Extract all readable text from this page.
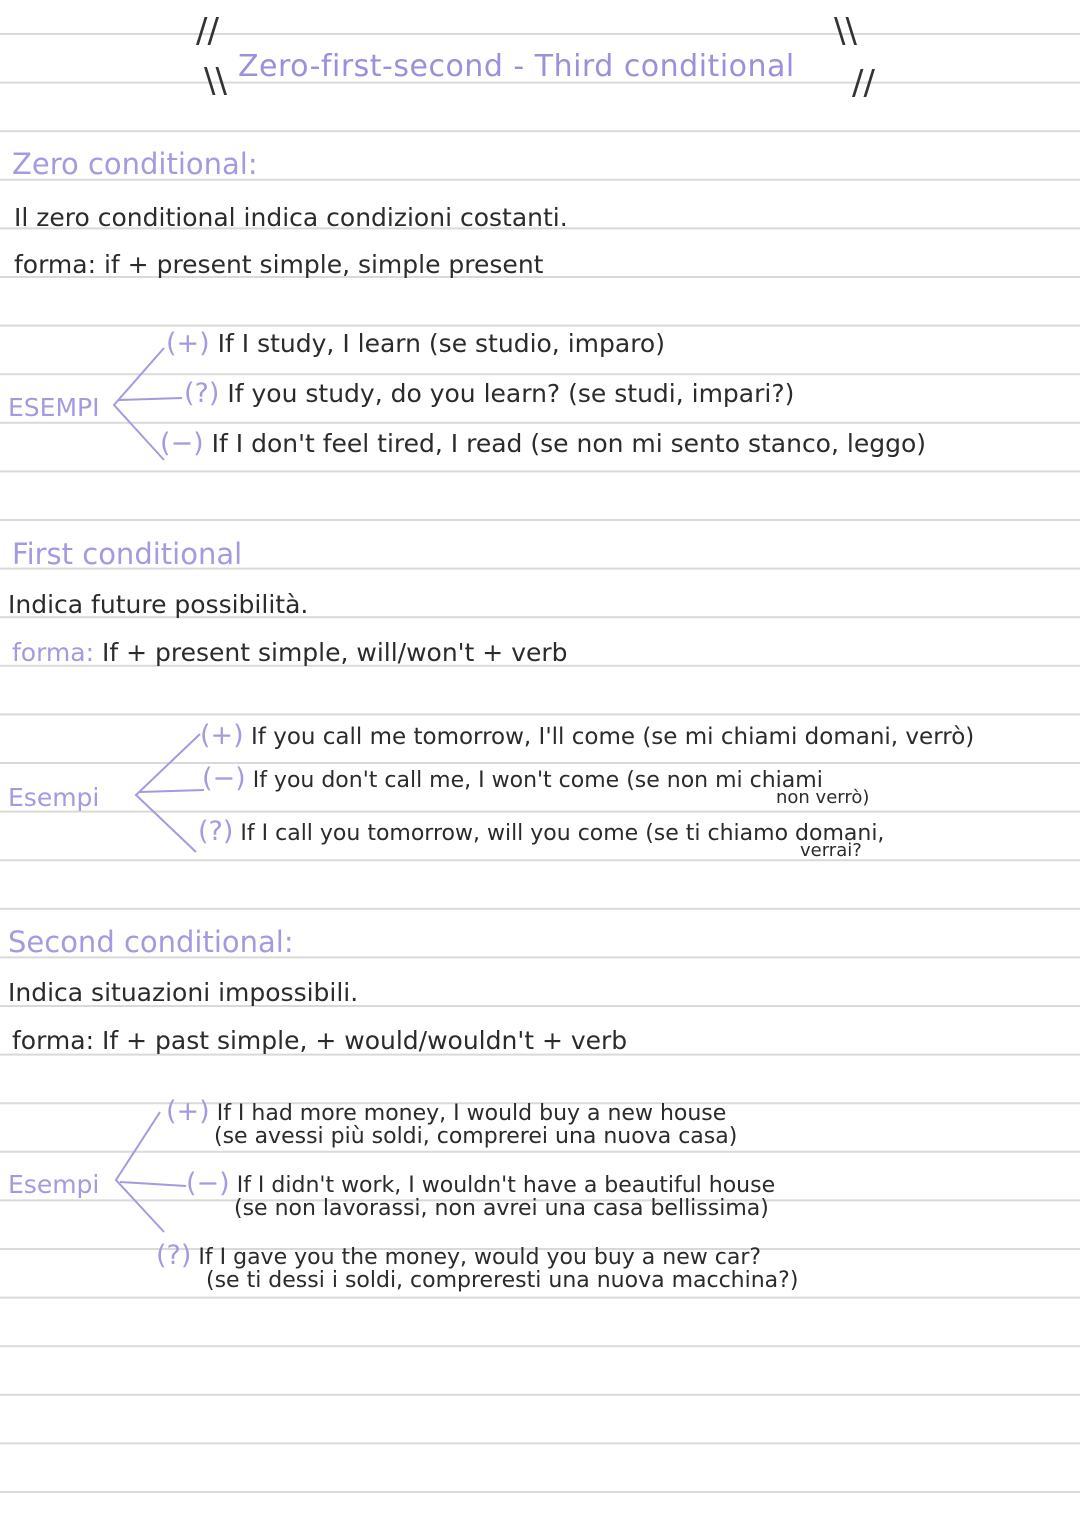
//
\\
\\
//
Zero-first-second - Third conditional
Zero conditional:
Il zero conditional indica condizioni costanti.
forma: if + present simple, simple present
ESEMPI
(+) If I study, I learn (se studio, imparo)
(?) If you study, do you learn? (se studi, impari?)
(−) If I don't feel tired, I read (se non mi sento stanco, leggo)
First conditional
Indica future possibilità.
forma: If + present simple, will/won't + verb
Esempi
(+) If you call me tomorrow, I'll come (se mi chiami domani, verrò)
(−) If you don't call me, I won't come (se non mi chiami
non verrò)
(?) If I call you tomorrow, will you come (se ti chiamo domani,
verrai?
Second conditional:
Indica situazioni impossibili.
forma: If + past simple, + would/wouldn't + verb
Esempi
(+) If I had more money, I would buy a new house
(se avessi più soldi, comprerei una nuova casa)
(−) If I didn't work, I wouldn't have a beautiful house
(se non lavorassi, non avrei una casa bellissima)
(?) If I gave you the money, would you buy a new car?
(se ti dessi i soldi, compreresti una nuova macchina?)
